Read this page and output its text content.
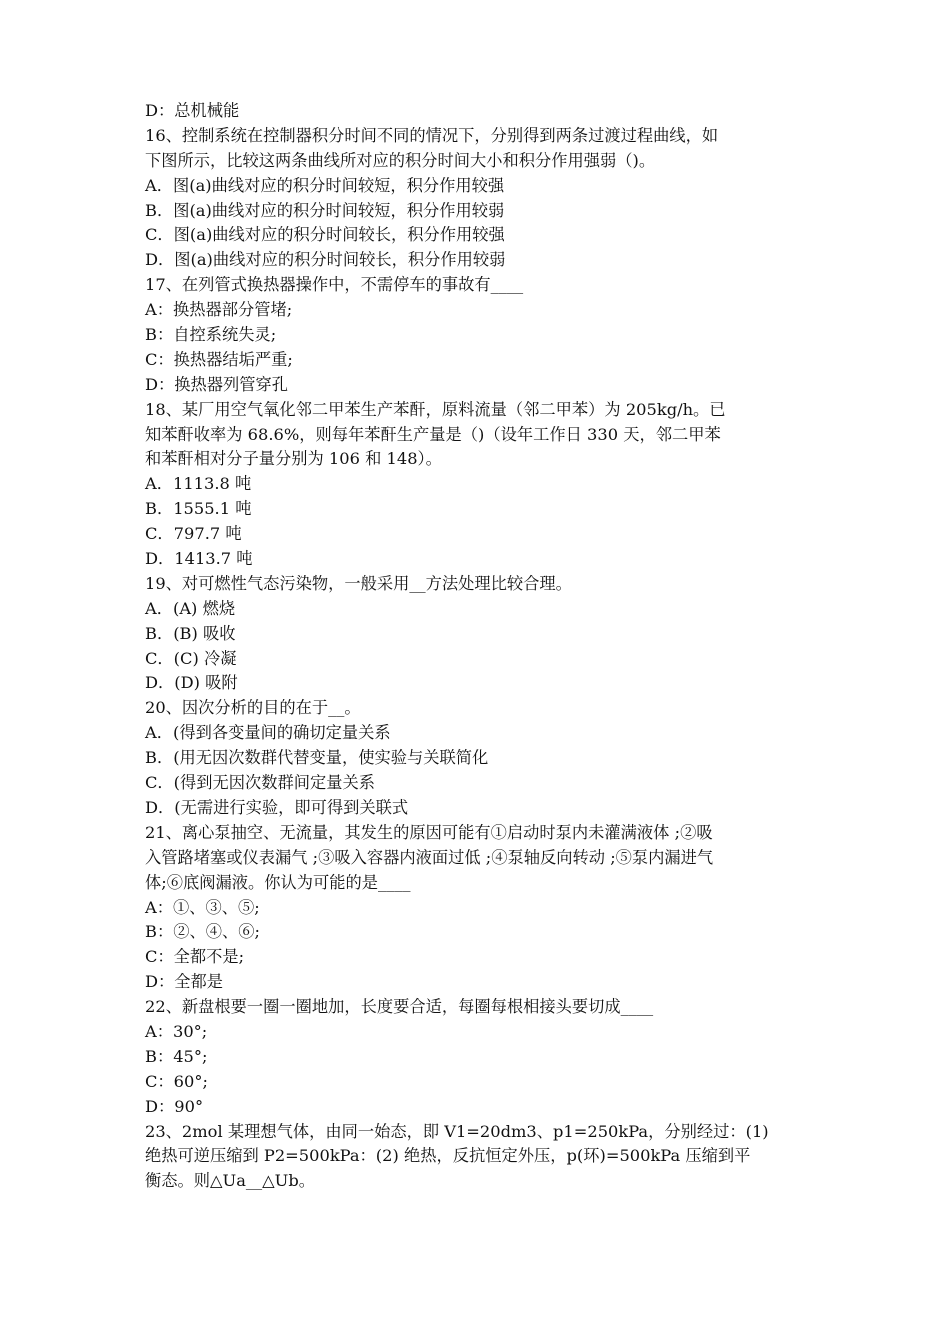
D：总机械能
16、控制系统在控制器积分时间不同的情况下，分别得到两条过渡过程曲线，如
下图所示，比较这两条曲线所对应的积分时间大小和积分作用强弱（)。
A．图(a)曲线对应的积分时间较短，积分作用较强
B．图(a)曲线对应的积分时间较短，积分作用较弱
C．图(a)曲线对应的积分时间较长，积分作用较强
D．图(a)曲线对应的积分时间较长，积分作用较弱
17、在列管式换热器操作中，不需停车的事故有____
A：换热器部分管堵;
B：自控系统失灵;
C：换热器结垢严重;
D：换热器列管穿孔
18、某厂用空气氧化邻二甲苯生产苯酐，原料流量（邻二甲苯）为 205kg/h。已
知苯酐收率为 68.6%，则每年苯酐生产量是（)（设年工作日 330 天，邻二甲苯
和苯酐相对分子量分别为 106 和 148）。
A．1113.8 吨
B．1555.1 吨
C．797.7 吨
D．1413.7 吨
19、对可燃性气态污染物，一般采用__方法处理比较合理。
A．(A) 燃烧
B．(B) 吸收
C．(C) 冷凝
D．(D) 吸附
20、因次分析的目的在于__。
A．(得到各变量间的确切定量关系
B．(用无因次数群代替变量，使实验与关联简化
C．(得到无因次数群间定量关系
D．(无需进行实验，即可得到关联式
21、离心泵抽空、无流量，其发生的原因可能有①启动时泵内未灌满液体 ;②吸
入管路堵塞或仪表漏气 ;③吸入容器内液面过低 ;④泵轴反向转动 ;⑤泵内漏进气
体;⑥底阀漏液。你认为可能的是____
A：①、③、⑤;
B：②、④、⑥;
C：全都不是;
D：全都是
22、新盘根要一圈一圈地加，长度要合适，每圈每根相接头要切成____
A：30°;
B：45°;
C：60°;
D：90°
23、2mol 某理想气体，由同一始态，即 V1=20dm3、p1=250kPa，分别经过：(1)
绝热可逆压缩到 P2=500kPa：(2) 绝热，反抗恒定外压，p(环)=500kPa 压缩到平
衡态。则△Ua__△Ub。
